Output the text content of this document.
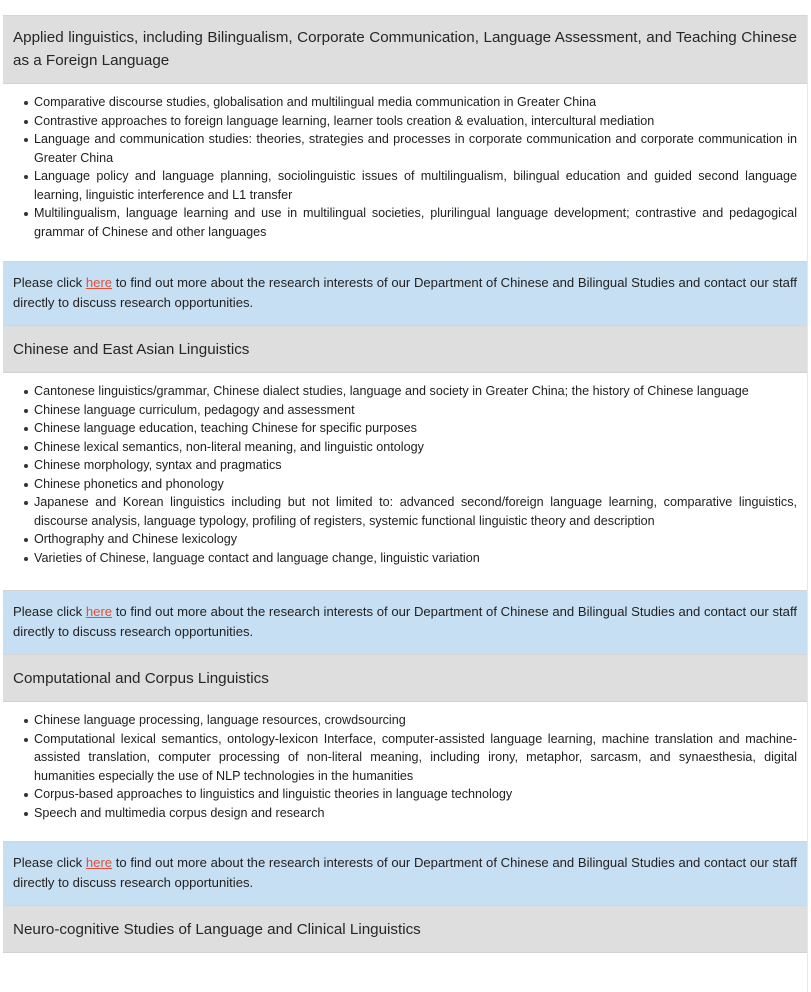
Applied linguistics, including Bilingualism, Corporate Communication, Language Assessment, and Teaching Chinese as a Foreign Language
Comparative discourse studies, globalisation and multilingual media communication in Greater China
Contrastive approaches to foreign language learning, learner tools creation & evaluation, intercultural mediation
Language and communication studies: theories, strategies and processes in corporate communication and corporate communication in Greater China
Language policy and language planning, sociolinguistic issues of multilingualism, bilingual education and guided second language learning, linguistic interference and L1 transfer
Multilingualism, language learning and use in multilingual societies, plurilingual language development; contrastive and pedagogical grammar of Chinese and other languages
Please click here to find out more about the research interests of our Department of Chinese and Bilingual Studies and contact our staff directly to discuss research opportunities.
Chinese and East Asian Linguistics
Cantonese linguistics/grammar, Chinese dialect studies, language and society in Greater China; the history of Chinese language
Chinese language curriculum, pedagogy and assessment
Chinese language education, teaching Chinese for specific purposes
Chinese lexical semantics, non-literal meaning, and linguistic ontology
Chinese morphology, syntax and pragmatics
Chinese phonetics and phonology
Japanese and Korean linguistics including but not limited to: advanced second/foreign language learning, comparative linguistics, discourse analysis, language typology, profiling of registers, systemic functional linguistic theory and description
Orthography and Chinese lexicology
Varieties of Chinese, language contact and language change, linguistic variation
Please click here to find out more about the research interests of our Department of Chinese and Bilingual Studies and contact our staff directly to discuss research opportunities.
Computational and Corpus Linguistics
Chinese language processing, language resources, crowdsourcing
Computational lexical semantics, ontology-lexicon Interface, computer-assisted language learning, machine translation and machine-assisted translation, computer processing of non-literal meaning, including irony, metaphor, sarcasm, and synaesthesia, digital humanities especially the use of NLP technologies in the humanities
Corpus-based approaches to linguistics and linguistic theories in language technology
Speech and multimedia corpus design and research
Please click here to find out more about the research interests of our Department of Chinese and Bilingual Studies and contact our staff directly to discuss research opportunities.
Neuro-cognitive Studies of Language and Clinical Linguistics
